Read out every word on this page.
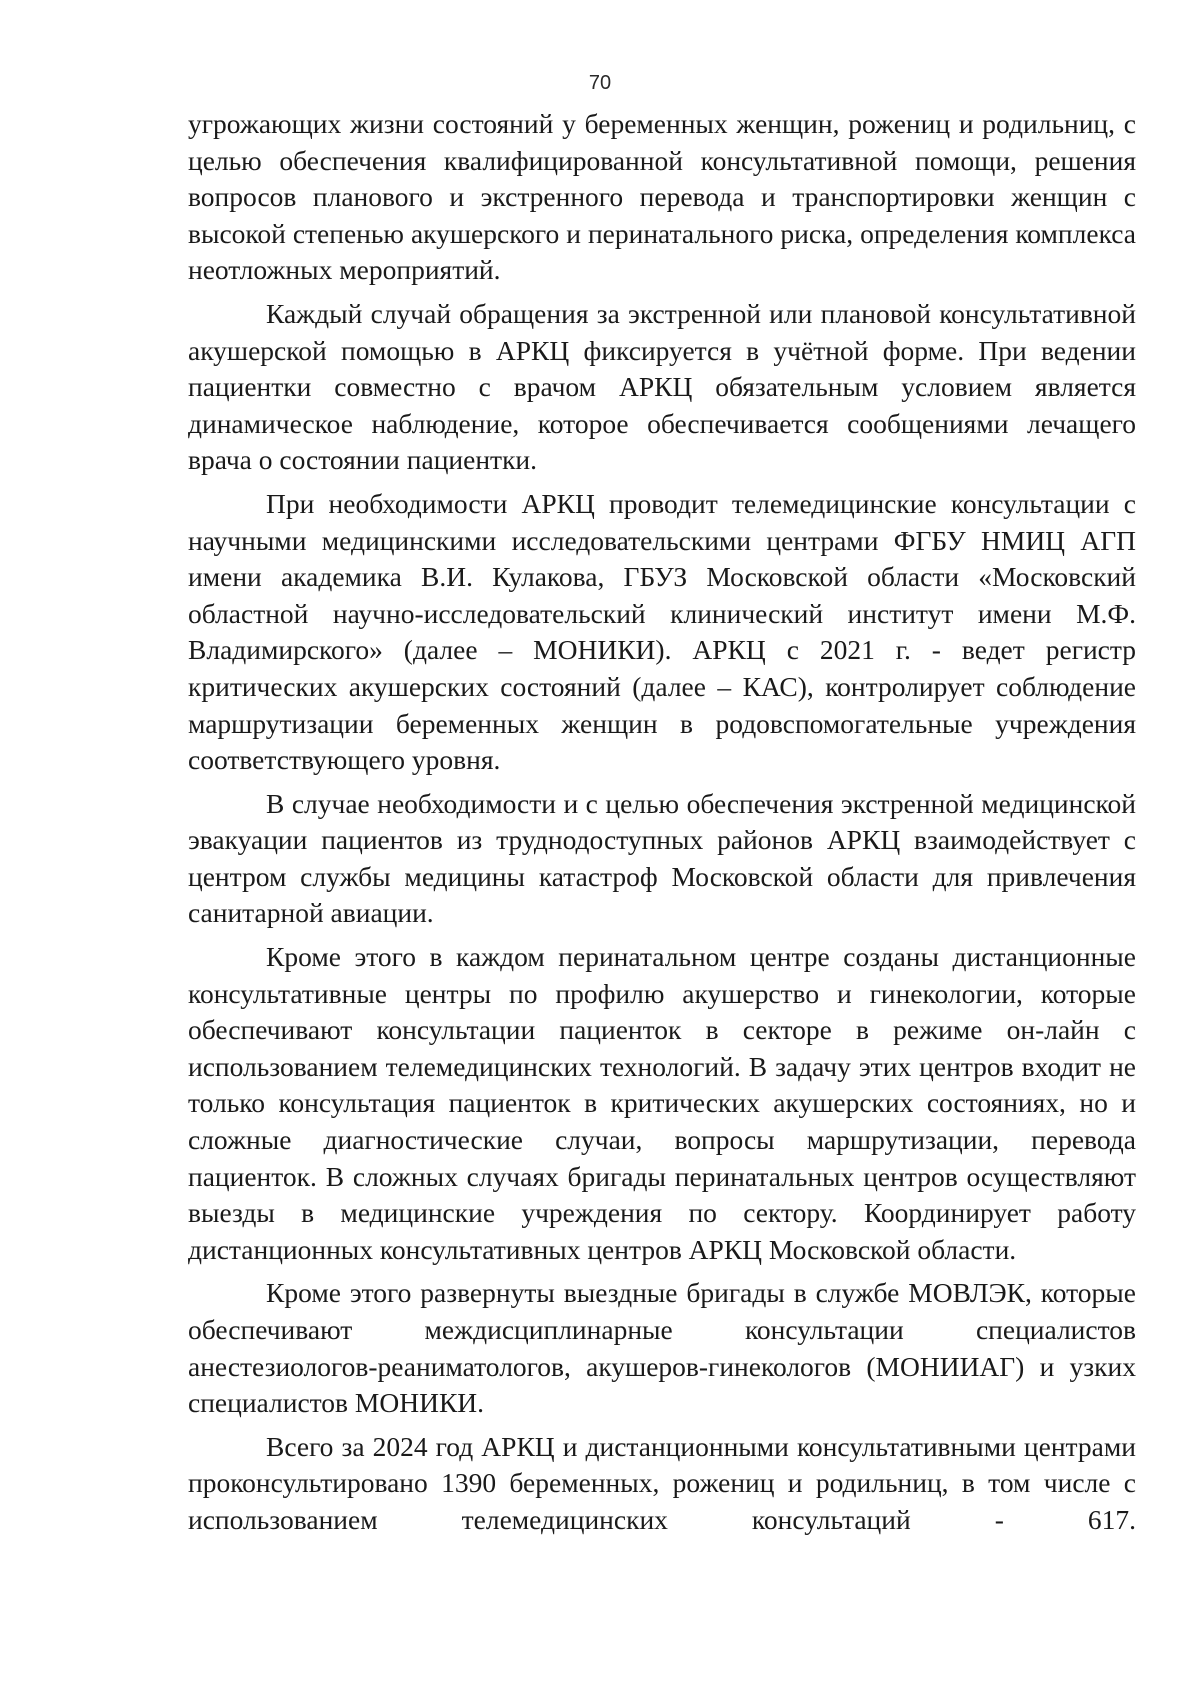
70

угрожающих жизни состояний у беременных женщин, рожениц и родильниц, с целью обеспечения квалифицированной консультативной помощи, решения вопросов планового и экстренного перевода и транспортировки женщин с высокой степенью акушерского и перинатального риска, определения комплекса неотложных мероприятий.

Каждый случай обращения за экстренной или плановой консультативной акушерской помощью в АРКЦ фиксируется в учётной форме. При ведении пациентки совместно с врачом АРКЦ обязательным условием является динамическое наблюдение, которое обеспечивается сообщениями лечащего врача о состоянии пациентки.

При необходимости АРКЦ проводит телемедицинские консультации с научными медицинскими исследовательскими центрами ФГБУ НМИЦ АГП имени академика В.И. Кулакова, ГБУЗ Московской области «Московский областной научно-исследовательский клинический институт имени М.Ф. Владимирского» (далее – МОНИКИ). АРКЦ с 2021 г. - ведет регистр критических акушерских состояний (далее – КАС), контролирует соблюдение маршрутизации беременных женщин в родовспомогательные учреждения соответствующего уровня.

В случае необходимости и с целью обеспечения экстренной медицинской эвакуации пациентов из труднодоступных районов АРКЦ взаимодействует с центром службы медицины катастроф Московской области для привлечения санитарной авиации.

Кроме этого в каждом перинатальном центре созданы дистанционные консультативные центры по профилю акушерство и гинекологии, которые обеспечивают консультации пациенток в секторе в режиме он-лайн с использованием телемедицинских технологий. В задачу этих центров входит не только консультация пациенток в критических акушерских состояниях, но и сложные диагностические случаи, вопросы маршрутизации, перевода пациенток. В сложных случаях бригады перинатальных центров осуществляют выезды в медицинские учреждения по сектору. Координирует работу дистанционных консультативных центров АРКЦ Московской области.

Кроме этого развернуты выездные бригады в службе МОВЛЭК, которые обеспечивают междисциплинарные консультации специалистов анестезиологов-реаниматологов, акушеров-гинекологов (МОНИИАГ) и узких специалистов МОНИКИ.

Всего за 2024 год АРКЦ и дистанционными консультативными центрами проконсультировано 1390 беременных, рожениц и родильниц, в том числе с использованием телемедицинских консультаций - 617.
